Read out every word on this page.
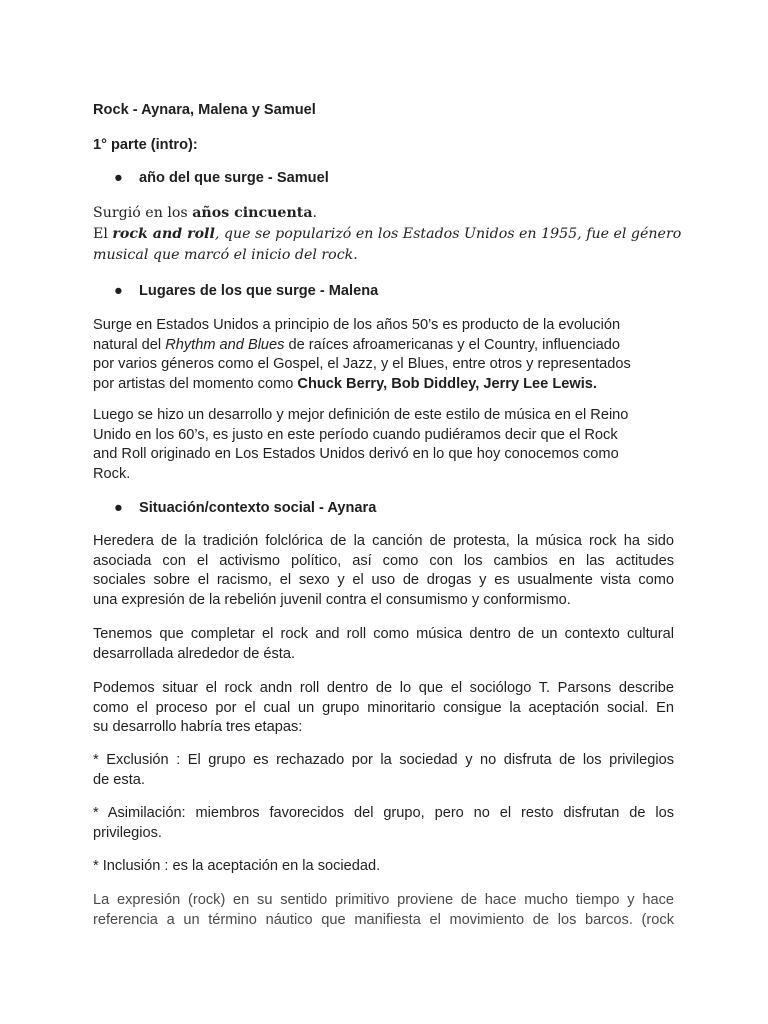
Rock - Aynara, Malena y Samuel
1° parte (intro):
● año del que surge - Samuel
Surgió en los años cincuenta.
El rock and roll, que se popularizó en los Estados Unidos en 1955, fue el género
musical que marcó el inicio del rock.
● Lugares de los que surge - Malena
Surge en Estados Unidos a principio de los años 50’s es producto de la evolución
natural del Rhythm and Blues de raíces afroamericanas y el Country, influenciado
por varios géneros como el Gospel, el Jazz, y el Blues, entre otros y representados
por artistas del momento como Chuck Berry, Bob Diddley, Jerry Lee Lewis.
Luego se hizo un desarrollo y mejor definición de este estilo de música en el Reino
Unido en los 60’s, es justo en este período cuando pudiéramos decir que el Rock
and Roll originado en Los Estados Unidos derivó en lo que hoy conocemos como
Rock.
● Situación/contexto social - Aynara
Heredera de la tradición folclórica de la canción de protesta, la música rock ha sido
asociada con el activismo político, así como con los cambios en las actitudes
sociales sobre el racismo, el sexo y el uso de drogas y es usualmente vista como
una expresión de la rebelión juvenil contra el consumismo y conformismo.
Tenemos que completar el rock and roll como música dentro de un contexto cultural
desarrollada alrededor de ésta.
Podemos situar el rock andn roll dentro de lo que el sociólogo T. Parsons describe
como el proceso por el cual un grupo minoritario consigue la aceptación social. En
su desarrollo habría tres etapas:
* Exclusión : El grupo es rechazado por la sociedad y no disfruta de los privilegios
de esta.
* Asimilación: miembros favorecidos del grupo, pero no el resto disfrutan de los
privilegios.
* Inclusión : es la aceptación en la sociedad.
La expresión (rock) en su sentido primitivo proviene de hace mucho tiempo y hace
referencia a un término náutico que manifiesta el movimiento de los barcos. (rock
